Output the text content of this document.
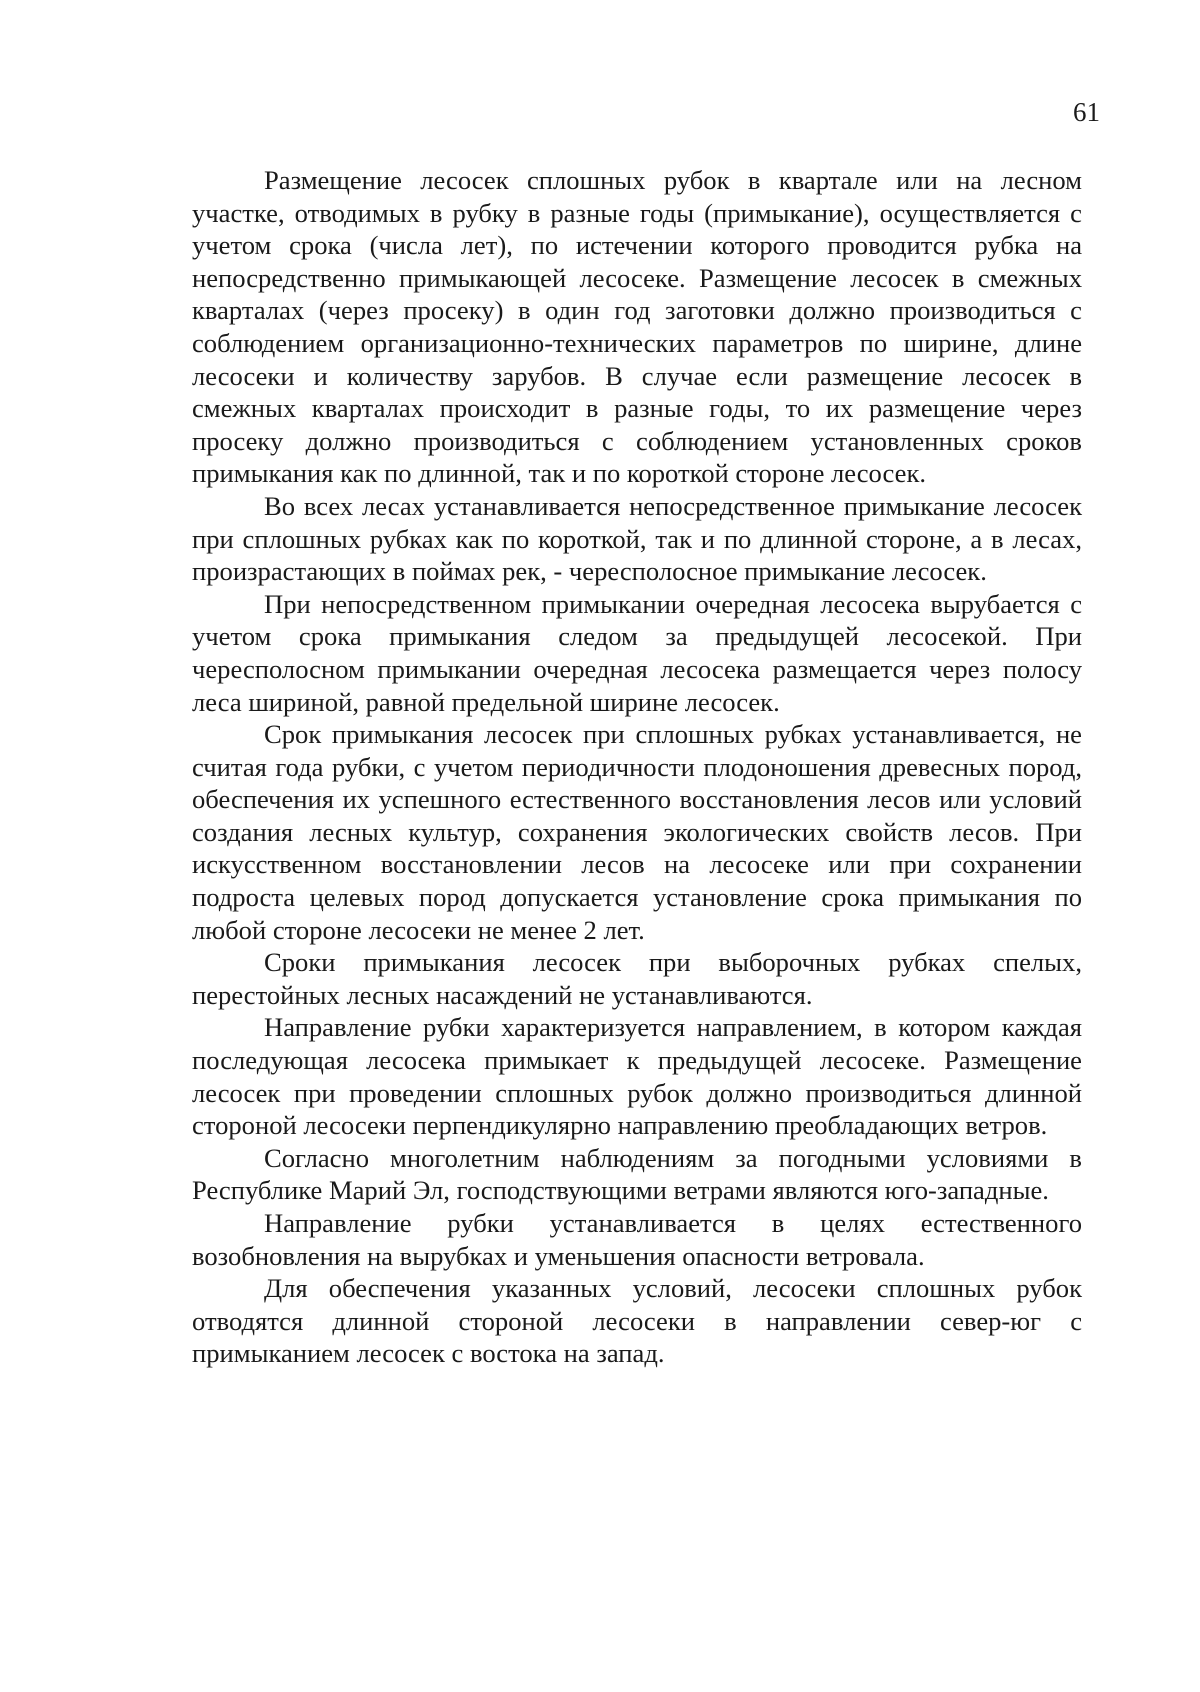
61

Размещение лесосек сплошных рубок в квартале или на лесном участке, отводимых в рубку в разные годы (примыкание), осуществляется с учетом срока (числа лет), по истечении которого проводится рубка на непосредственно примыкающей лесосеке. Размещение лесосек в смежных кварталах (через просеку) в один год заготовки должно производиться с соблюдением организационно-технических параметров по ширине, длине лесосеки и количеству зарубов. В случае если размещение лесосек в смежных кварталах происходит в разные годы, то их размещение через просеку должно производиться с соблюдением установленных сроков примыкания как по длинной, так и по короткой стороне лесосек.

Во всех лесах устанавливается непосредственное примыкание лесосек при сплошных рубках как по короткой, так и по длинной стороне, а в лесах, произрастающих в поймах рек, - чересполосное примыкание лесосек.

При непосредственном примыкании очередная лесосека вырубается с учетом срока примыкания следом за предыдущей лесосекой. При чересполосном примыкании очередная лесосека размещается через полосу леса шириной, равной предельной ширине лесосек.

Срок примыкания лесосек при сплошных рубках устанавливается, не считая года рубки, с учетом периодичности плодоношения древесных пород, обеспечения их успешного естественного восстановления лесов или условий создания лесных культур, сохранения экологических свойств лесов. При искусственном восстановлении лесов на лесосеке или при сохранении подроста целевых пород допускается установление срока примыкания по любой стороне лесосеки не менее 2 лет.

Сроки примыкания лесосек при выборочных рубках спелых, перестойных лесных насаждений не устанавливаются.

Направление рубки характеризуется направлением, в котором каждая последующая лесосека примыкает к предыдущей лесосеке. Размещение лесосек при проведении сплошных рубок должно производиться длинной стороной лесосеки перпендикулярно направлению преобладающих ветров.

Согласно многолетним наблюдениям за погодными условиями в Республике Марий Эл, господствующими ветрами являются юго-западные.

Направление рубки устанавливается в целях естественного возобновления на вырубках и уменьшения опасности ветровала.

Для обеспечения указанных условий, лесосеки сплошных рубок отводятся длинной стороной лесосеки в направлении север-юг с примыканием лесосек с востока на запад.
